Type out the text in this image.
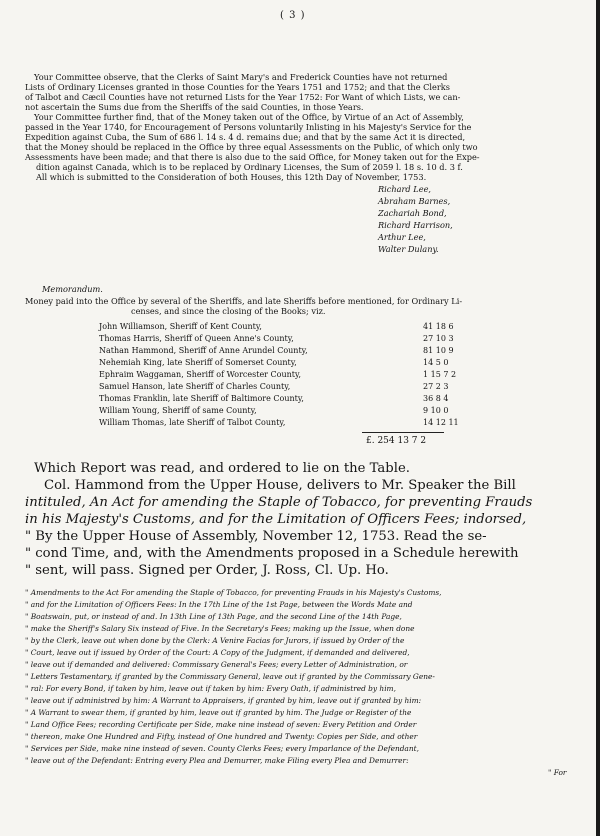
( 3 )
Your Committee observe, that the Clerks of Saint Mary's and Frederick Counties have not returned
Lists of Ordinary Licenses granted in those Counties for the Years 1751 and 1752; and that the Clerks
of Talbot and Cæcil Counties have not returned Lists for the Year 1752: For Want of which Lists, we can-
not ascertain the Sums due from the Sheriffs of the said Counties, in those Years.
Your Committee further find, that of the Money taken out of the Office, by Virtue of an Act of Assembly,
passed in the Year 1740, for Encouragement of Persons voluntarily Inlisting in his Majesty's Service for the
Expedition against Cuba, the Sum of 686 l. 14 s. 4 d. remains due; and that by the same Act it is directed,
that the Money should be replaced in the Office by three equal Assessments on the Public, of which only two
Assessments have been made; and that there is also due to the said Office, for Money taken out for the Expe-
dition against Canada, which is to be replaced by Ordinary Licenses, the Sum of 2059 l. 18 s. 10 d. 3 f.
All which is submitted to the Consideration of both Houses, this 12th Day of November, 1753.
Richard Lee,
Abraham Barnes,
Zachariah Bond,
Richard Harrison,
Arthur Lee,
Walter Dulany.
Memorandum.
Money paid into the Office by several of the Sheriffs, and late Sheriffs before mentioned, for Ordinary Li-
censes, and since the closing of the Books; viz.
John Williamson, Sheriff of Kent County,	41 18 6
Thomas Harris, Sheriff of Queen Anne's County,	27 10 3
Nathan Hammond, Sheriff of Anne Arundel County,	81 10 9
Nehemiah King, late Sheriff of Somerset County,	14 5 0
Ephraim Waggaman, Sheriff of Worcester County,	1 15 7 2
Samuel Hanson, late Sheriff of Charles County,	27 2 3
Thomas Franklin, late Sheriff of Baltimore County,	36 8 4
William Young, Sheriff of same County,	9 10 0
William Thomas, late Sheriff of Talbot County,	14 12 11
£. 254 13 7 2
Which Report was read, and ordered to lie on the Table.
Col. Hammond from the Upper House, delivers to Mr. Speaker the Bill
intituled, An Act for amending the Staple of Tobacco, for preventing Frauds
in his Majesty's Customs, and for the Limitation of Officers Fees; indorsed,
" By the Upper House of Assembly, November 12, 1753. Read the se-
" cond Time, and, with the Amendments proposed in a Schedule herewith
" sent, will pass. Signed per Order, J. Ross, Cl. Up. Ho.
" Amendments to the Act For amending the Staple of Tobacco, for preventing Frauds in his Majesty's Customs,
" and for the Limitation of Officers Fees: In the 17th Line of the 1st Page, between the Words Mate and
" Boatswain, put, or instead of and. In 13th Line of 13th Page, and the second Line of the 14th Page,
" make the Sheriff's Salary Six instead of Five. In the Secretary's Fees; making up the Issue, when done
" by the Clerk, leave out when done by the Clerk: A Venire Facias for Jurors, if issued by Order of the
" Court, leave out if issued by Order of the Court: A Copy of the Judgment, if demanded and delivered,
" leave out if demanded and delivered: Commissary General's Fees; every Letter of Administration, or
" Letters Testamentary, if granted by the Commissary General, leave out if granted by the Commissary Gene-
" ral: For every Bond, if taken by him, leave out if taken by him: Every Oath, if administred by him,
" leave out if administred by him: A Warrant to Appraisers, if granted by him, leave out if granted by him:
" A Warrant to swear them, if granted by him, leave out if granted by him. The Judge or Register of the
" Land Office Fees; recording Certificate per Side, make nine instead of seven: Every Petition and Order
" thereon, make One Hundred and Fifty, instead of One hundred and Twenty: Copies per Side, and other
" Services per Side, make nine instead of seven. County Clerks Fees; every Imparlance of the Defendant,
" leave out of the Defendant: Entring every Plea and Demurrer, make Filing every Plea and Demurrer:
" For
